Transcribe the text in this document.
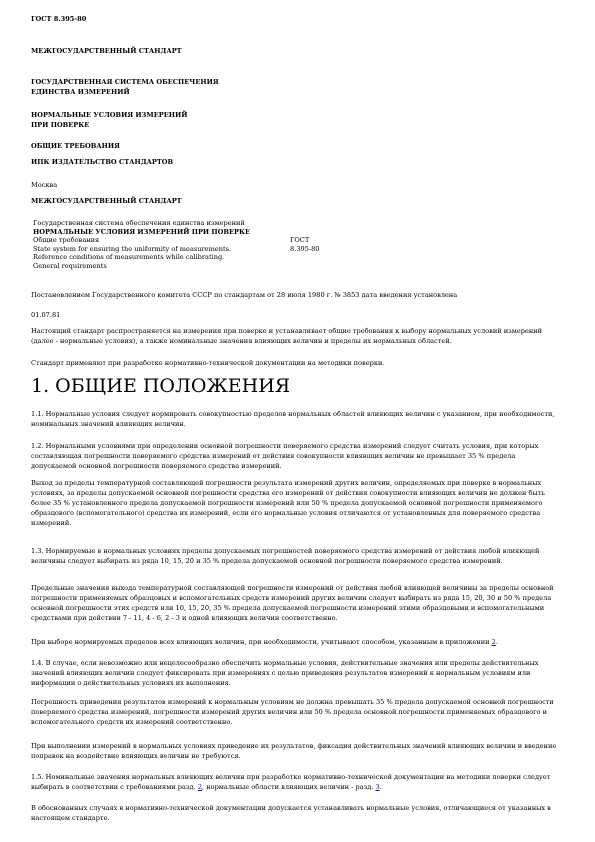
ГОСТ 8.395-80
МЕЖГОСУДАРСТВЕННЫЙ СТАНДАРТ
ГОСУДАРСТВЕННАЯ СИСТЕМА ОБЕСПЕЧЕНИЯ
ЕДИНСТВА ИЗМЕРЕНИЙ
НОРМАЛЬНЫЕ УСЛОВИЯ ИЗМЕРЕНИЙ
ПРИ ПОВЕРКЕ
ОБЩИЕ ТРЕБОВАНИЯ
ИПК ИЗДАТЕЛЬСТВО СТАНДАРТОВ
Москва
МЕЖГОСУДАРСТВЕННЫЙ СТАНДАРТ
Государственная система обеспечения единства измерений
НОРМАЛЬНЫЕ УСЛОВИЯ ИЗМЕРЕНИЙ ПРИ ПОВЕРКЕ
Общие требования	ГОСТ
State system for ensuring the uniformity of measurements.	8.395-80
Reference conditions of measurements while calibrating.
General requirements
Постановлением Государственного комитета СССР по стандартам от 28 июля 1980 г. № 3853 дата введения установлена
01.07.81
Настоящий стандарт распространяется на измерения при поверке и устанавливает общие требования к выбору нормальных условий измерений (далее - нормальные условия), а также номинальные значения влияющих величин и пределы их нормальных областей.
Стандарт применяют при разработке нормативно-технической документации на методики поверки.
1. ОБЩИЕ ПОЛОЖЕНИЯ
1.1. Нормальные условия следует нормировать совокупностью пределов нормальных областей влияющих величин с указанием, при необходимости, номинальных значений влияющих величин.
1.2. Нормальными условиями при определении основной погрешности поверяемого средства измерений следует считать условия, при которых составляющая погрешности поверяемого средства измерений от действия совокупности влияющих величин не превышает 35 % предела допускаемой основной погрешности поверяемого средства измерений.
Выход за пределы температурной составляющей погрешности результата измерений других величин, определяемых при поверке в нормальных условиях, за пределы допускаемой основной погрешности средства его измерений от действия совокупности влияющих величин не должен быть более 35 % установленного предела допускаемой погрешности измерений или 50 % предела допускаемой основной погрешности применяемого образцового (вспомогательного) средства их измерений, если его нормальные условия отличаются от установленных для поверяемого средства измерений.
1.3. Нормируемые в нормальных условиях пределы допускаемых погрешностей поверяемого средства измерений от действия любой влияющей величины следует выбирать из ряда 10, 15, 20 и 35 % предела допускаемой основной погрешности поверяемого средства измерений.
Предельные значения выхода температурной составляющей погрешности измерений от действия любой влияющей величины за пределы основной погрешности применяемых образцовых и вспомогательных средств измерений других величин следует выбирать из ряда 15, 20, 30 и 50 % предела основной погрешности этих средств или 10, 15, 20, 35 % предела допускаемой погрешности измерений этими образцовыми и вспомогательными средствами при действии 7 - 11, 4 - 6, 2 - 3 и одной влияющих величин соответственно.
При выборе нормируемых пределов всех влияющих величин, при необходимости, учитывают способом, указанным в приложении 2.
1.4. В случае, если невозможно или нецелесообразно обеспечить нормальные условия, действительные значения или пределы действительных значений влияющих величин следует фиксировать при измерениях с целью приведения результатов измерений к нормальным условиям или информации о действительных условиях их выполнения.
Погрешность приведения результатов измерений к нормальным условиям не должна превышать 35 % предела допускаемой основной погрешности поверяемого средства измерений, погрешности измерений других величин или 50 % предела основной погрешности применяемых образцового и вспомогательного средств их измерений соответственно.
При выполнении измерений в нормальных условиях приведение их результатов, фиксация действительных значений влияющих величин и введение поправок на воздействие влияющих величин не требуются.
1.5. Номинальные значения нормальных влияющих величин при разработке нормативно-технической документации на методики поверки следует выбирать в соответствии с требованиями разд. 2, нормальные области влияющих величин - разд. 3.
В обоснованных случаях в нормативно-технической документации допускается устанавливать нормальные условия, отличающиеся от указанных в настоящем стандарте.
